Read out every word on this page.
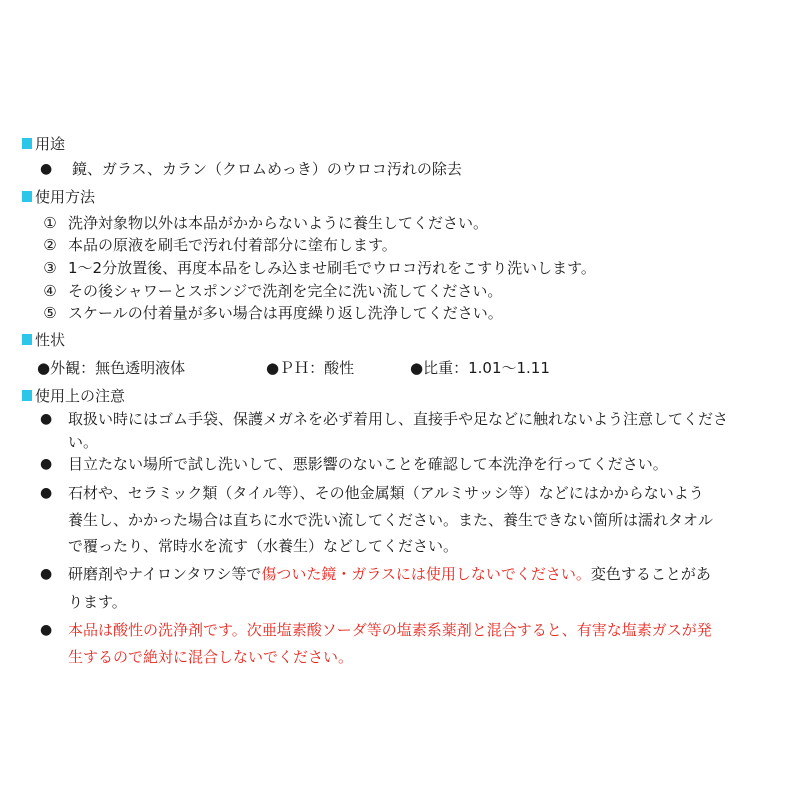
用途
● 鏡、ガラス、カラン（クロムめっき）のウロコ汚れの除去
使用方法
① 洗浄対象物以外は本品がかからないように養生してください。
② 本品の原液を刷毛で汚れ付着部分に塗布します。
③ 1～2分放置後、再度本品をしみ込ませ刷毛でウロコ汚れをこすり洗いします。
④ その後シャワーとスポンジで洗剤を完全に洗い流してください。
⑤ スケールの付着量が多い場合は再度繰り返し洗浄してください。
性状
●外観：無色透明液体	●ＰＨ：酸性	●比重：1.01～1.11
使用上の注意
● 取扱い時にはゴム手袋、保護メガネを必ず着用し、直接手や足などに触れないよう注意してくださ
い。
● 目立たない場所で試し洗いして、悪影響のないことを確認して本洗浄を行ってください。
● 石材や、セラミック類（タイル等）、その他金属類（アルミサッシ等）などにはかからないよう
養生し、かかった場合は直ちに水で洗い流してください。また、養生できない箇所は濡れタオル
で覆ったり、常時水を流す（水養生）などしてください。
● 研磨剤やナイロンタワシ等で傷ついた鏡・ガラスには使用しないでください。変色することがあ
ります。
● 本品は酸性の洗浄剤です。次亜塩素酸ソーダ等の塩素系薬剤と混合すると、有害な塩素ガスが発
生するので絶対に混合しないでください。
